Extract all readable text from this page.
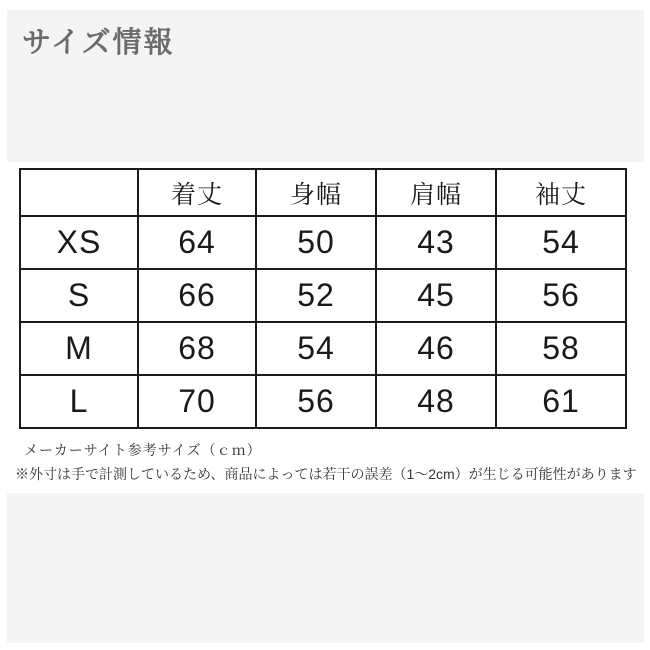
サイズ情報
	着丈	身幅	肩幅	袖丈
XS	64	50	43	54
S	66	52	45	56
M	68	54	46	58
L	70	56	48	61

メーカーサイト参考サイズ（ｃｍ）

※外寸は手で計測しているため、商品によっては若干の誤差（1〜2cm）が生じる可能性があります
